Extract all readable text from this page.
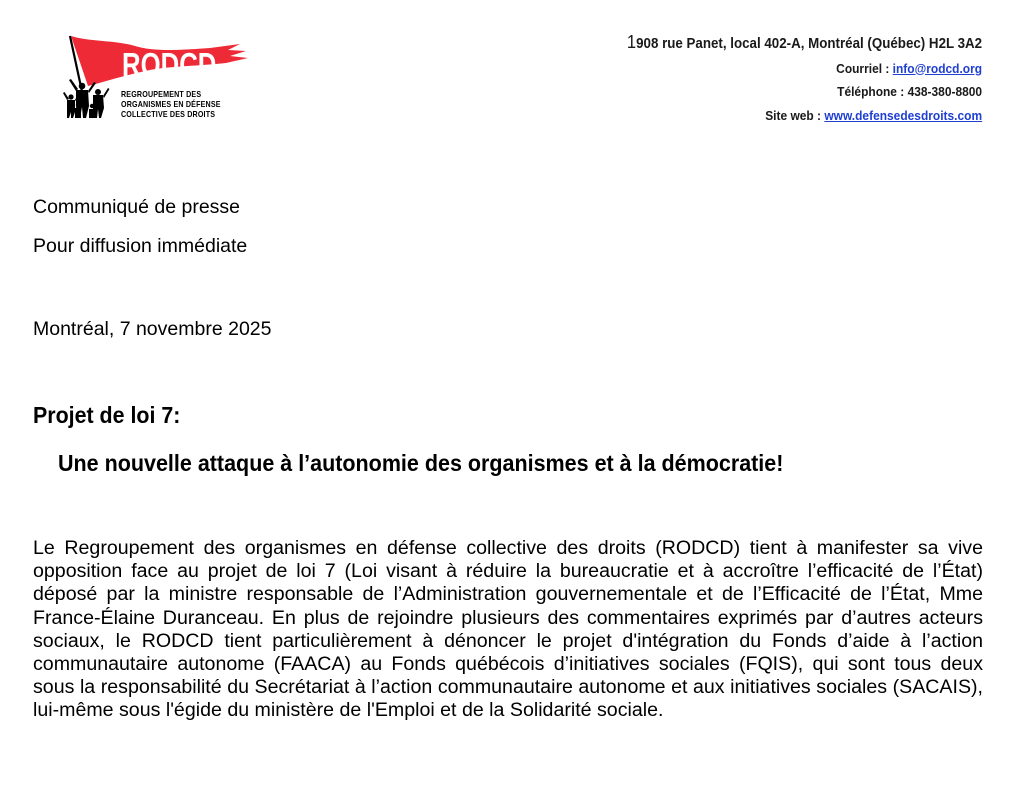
RODCD
REGROUPEMENT DES
ORGANISMES EN DÉFENSE
COLLECTIVE DES DROITS
1908 rue Panet, local 402-A, Montréal (Québec) H2L 3A2
Courriel : info@rodcd.org
Téléphone : 438-380-8800
Site web : www.defensedesdroits.com
Communiqué de presse
Pour diffusion immédiate
Montréal, 7 novembre 2025
Projet de loi 7:
Une nouvelle attaque à l’autonomie des organismes et à la démocratie!
Le Regroupement des organismes en défense collective des droits (RODCD) tient à manifester sa vive opposition face au projet de loi 7 (Loi visant à réduire la bureaucratie et à accroître l’efficacité de l’État) déposé par la ministre responsable de l’Administration gouvernementale et de l’Efficacité de l’État, Mme France-Élaine Duranceau. En plus de rejoindre plusieurs des commentaires exprimés par d’autres acteurs sociaux, le RODCD tient particulièrement à dénoncer le projet d'intégration du Fonds d’aide à l’action communautaire autonome (FAACA) au Fonds québécois d’initiatives sociales (FQIS), qui sont tous deux sous la responsabilité du Secrétariat à l’action communautaire autonome et aux initiatives sociales (SACAIS), lui-même sous l'égide du ministère de l'Emploi et de la Solidarité sociale.
